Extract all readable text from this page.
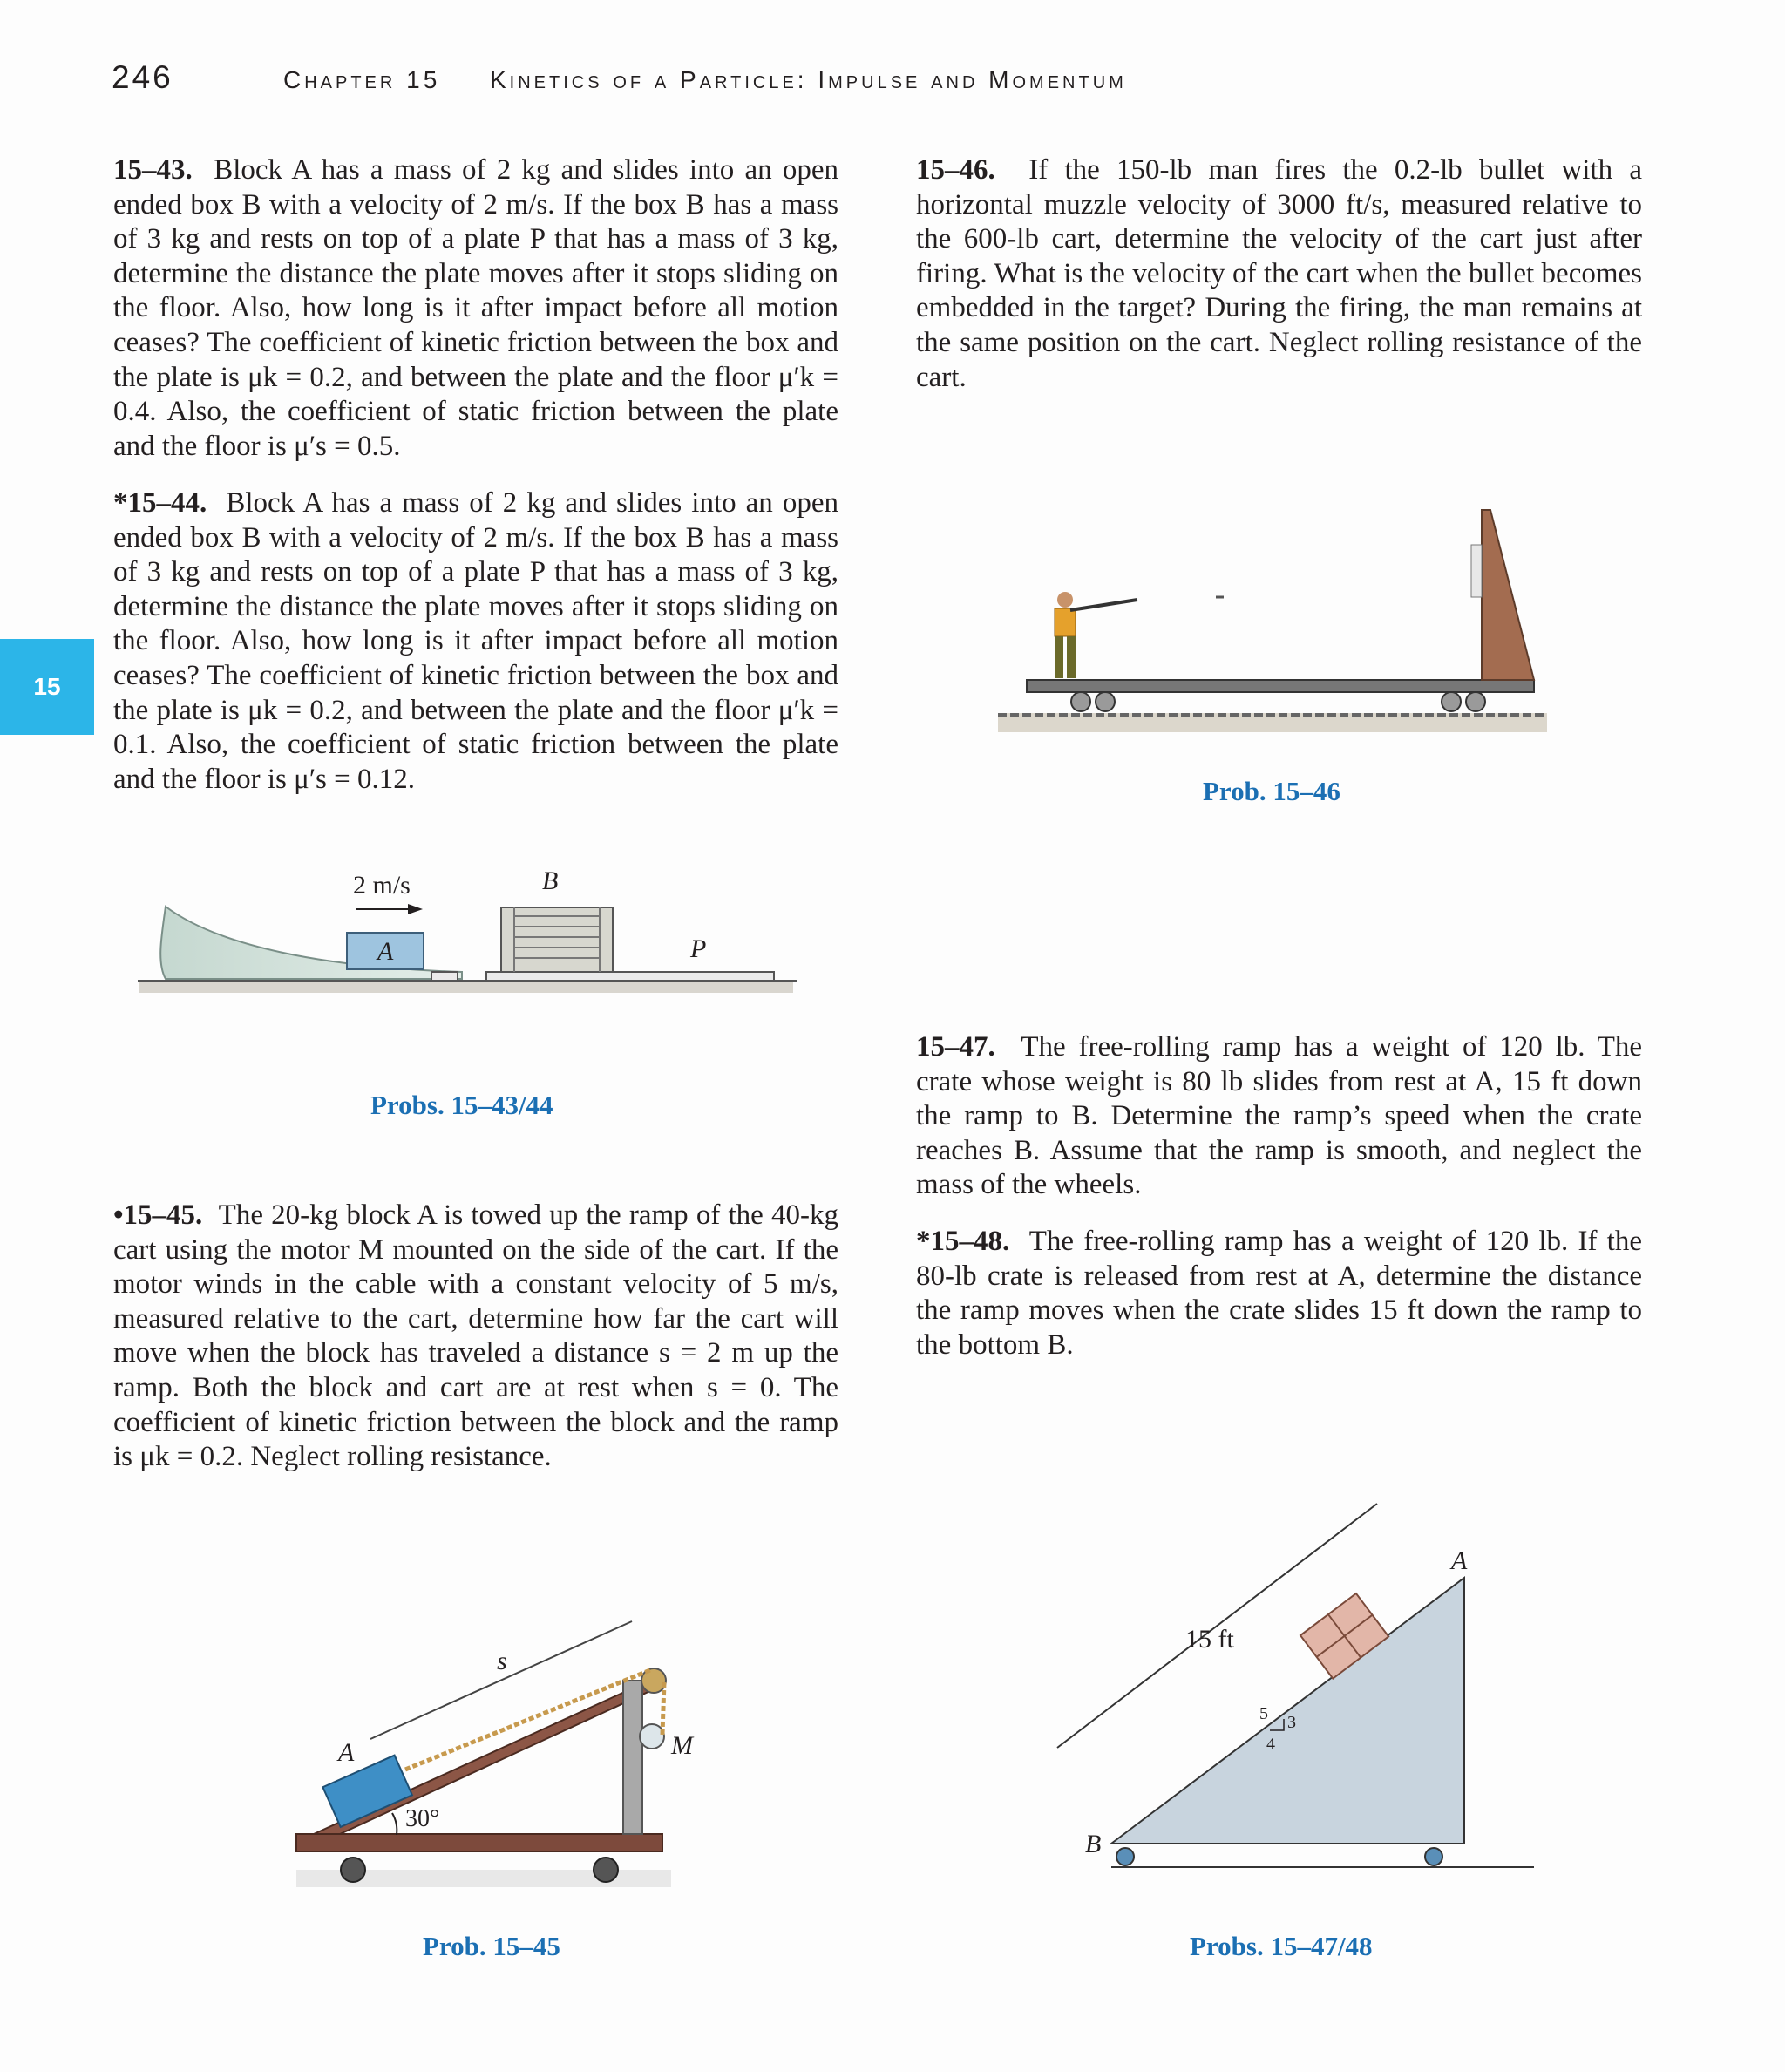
246	Chapter 15 Kinetics of a Particle: Impulse and Momentum
15
15–43. Block A has a mass of 2 kg and slides into an open ended box B with a velocity of 2 m/s. If the box B has a mass of 3 kg and rests on top of a plate P that has a mass of 3 kg, determine the distance the plate moves after it stops sliding on the floor. Also, how long is it after impact before all motion ceases? The coefficient of kinetic friction between the box and the plate is μk = 0.2, and between the plate and the floor μ′k = 0.4. Also, the coefficient of static friction between the plate and the floor is μ′s = 0.5.
*15–44. Block A has a mass of 2 kg and slides into an open ended box B with a velocity of 2 m/s. If the box B has a mass of 3 kg and rests on top of a plate P that has a mass of 3 kg, determine the distance the plate moves after it stops sliding on the floor. Also, how long is it after impact before all motion ceases? The coefficient of kinetic friction between the box and the plate is μk = 0.2, and between the plate and the floor μ′k = 0.1. Also, the coefficient of static friction between the plate and the floor is μ′s = 0.12.
•15–45. The 20-kg block A is towed up the ramp of the 40-kg cart using the motor M mounted on the side of the cart. If the motor winds in the cable with a constant velocity of 5 m/s, measured relative to the cart, determine how far the cart will move when the block has traveled a distance s = 2 m up the ramp. Both the block and cart are at rest when s = 0. The coefficient of kinetic friction between the block and the ramp is μk = 0.2. Neglect rolling resistance.
15–46. If the 150-lb man fires the 0.2-lb bullet with a horizontal muzzle velocity of 3000 ft/s, measured relative to the 600-lb cart, determine the velocity of the cart just after firing. What is the velocity of the cart when the bullet becomes embedded in the target? During the firing, the man remains at the same position on the cart. Neglect rolling resistance of the cart.
15–47. The free-rolling ramp has a weight of 120 lb. The crate whose weight is 80 lb slides from rest at A, 15 ft down the ramp to B. Determine the ramp’s speed when the crate reaches B. Assume that the ramp is smooth, and neglect the mass of the wheels.
*15–48. The free-rolling ramp has a weight of 120 lb. If the 80-lb crate is released from rest at A, determine the distance the ramp moves when the crate slides 15 ft down the ramp to the bottom B.
A
2 m/s	B
P
Probs. 15–43/44
s
A	M
30°
Prob. 15–45
Prob. 15–46
15 ft
A
B
5 3
4
Probs. 15–47/48
